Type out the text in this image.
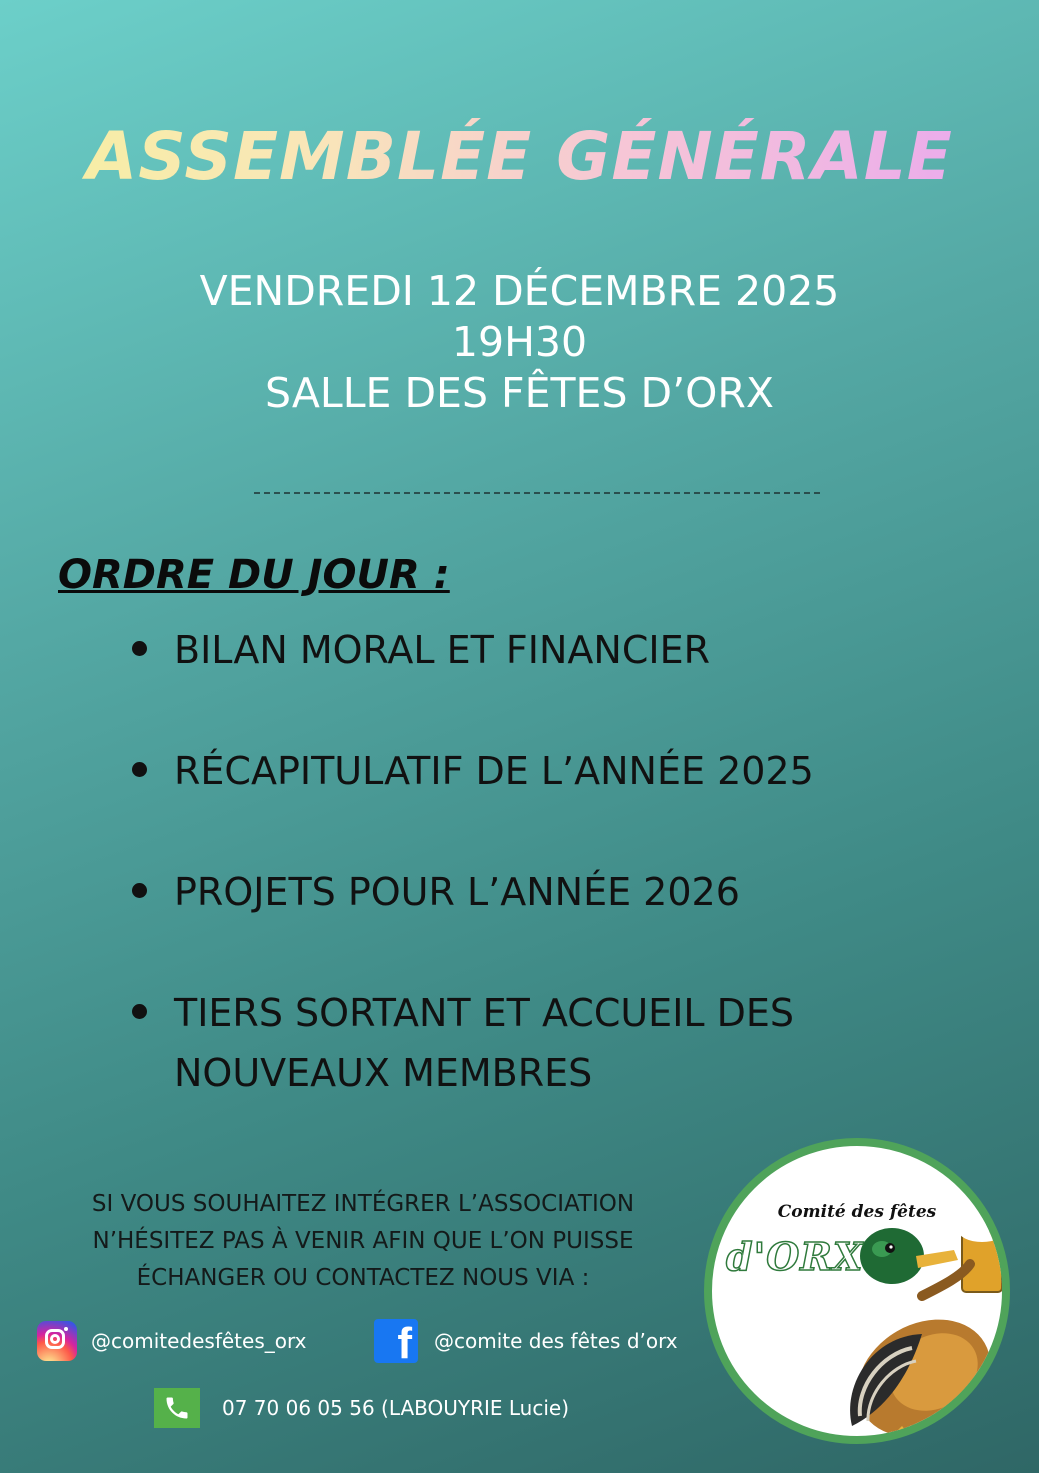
ASSEMBLÉE GÉNÉRALE
VENDREDI 12 DÉCEMBRE 2025
19H30
SALLE DES FÊTES D’ORX
ORDRE DU JOUR :
BILAN MORAL ET FINANCIER
RÉCAPITULATIF DE L’ANNÉE 2025
PROJETS POUR L’ANNÉE 2026
TIERS SORTANT ET ACCUEIL DES
NOUVEAUX MEMBRES
SI VOUS SOUHAITEZ INTÉGRER L’ASSOCIATION
N’HÉSITEZ PAS À VENIR AFIN QUE L’ON PUISSE
ÉCHANGER OU CONTACTEZ NOUS VIA :
@comitedesfêtes_orx f @comite des fêtes d’orx
07 70 06 05 56 (LABOUYRIE Lucie)
Comité des fêtes
d'ORX
